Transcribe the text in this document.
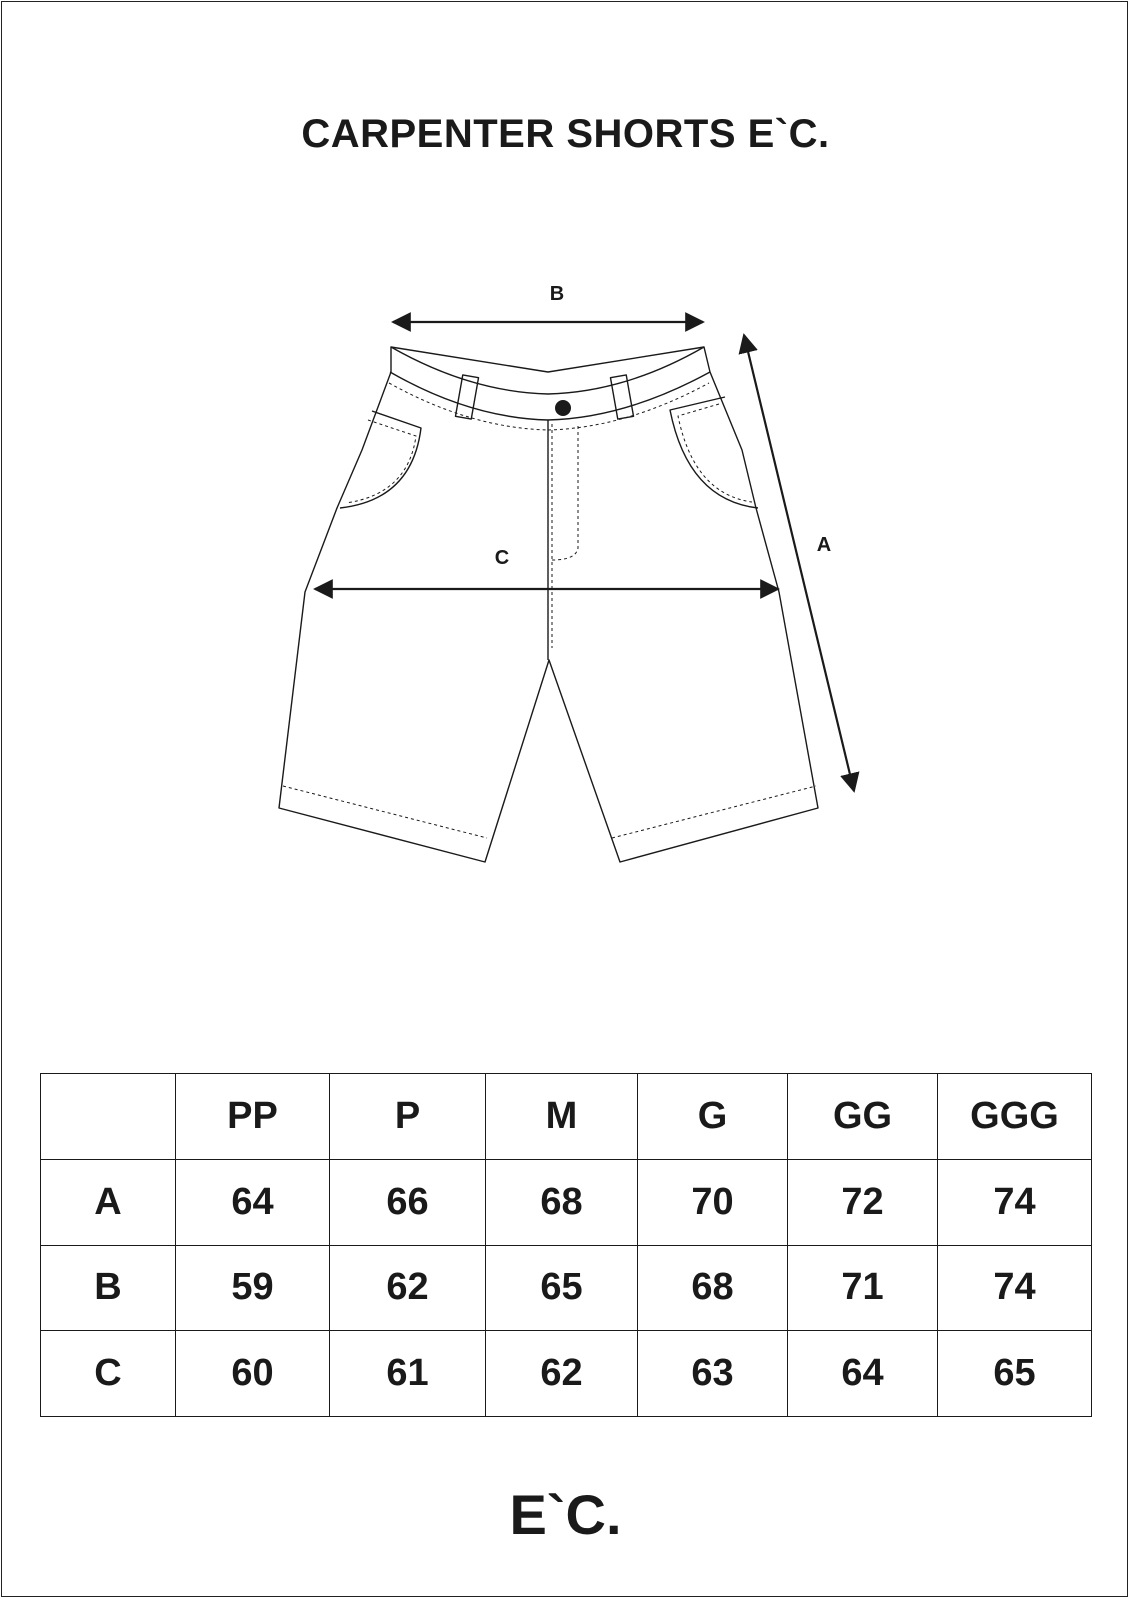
CARPENTER SHORTS E`C.
B
C
A
	PP	P	M	G	GG	GGG
A	64	66	68	70	72	74
B	59	62	65	68	71	74
C	60	61	62	63	64	65
E`C.
